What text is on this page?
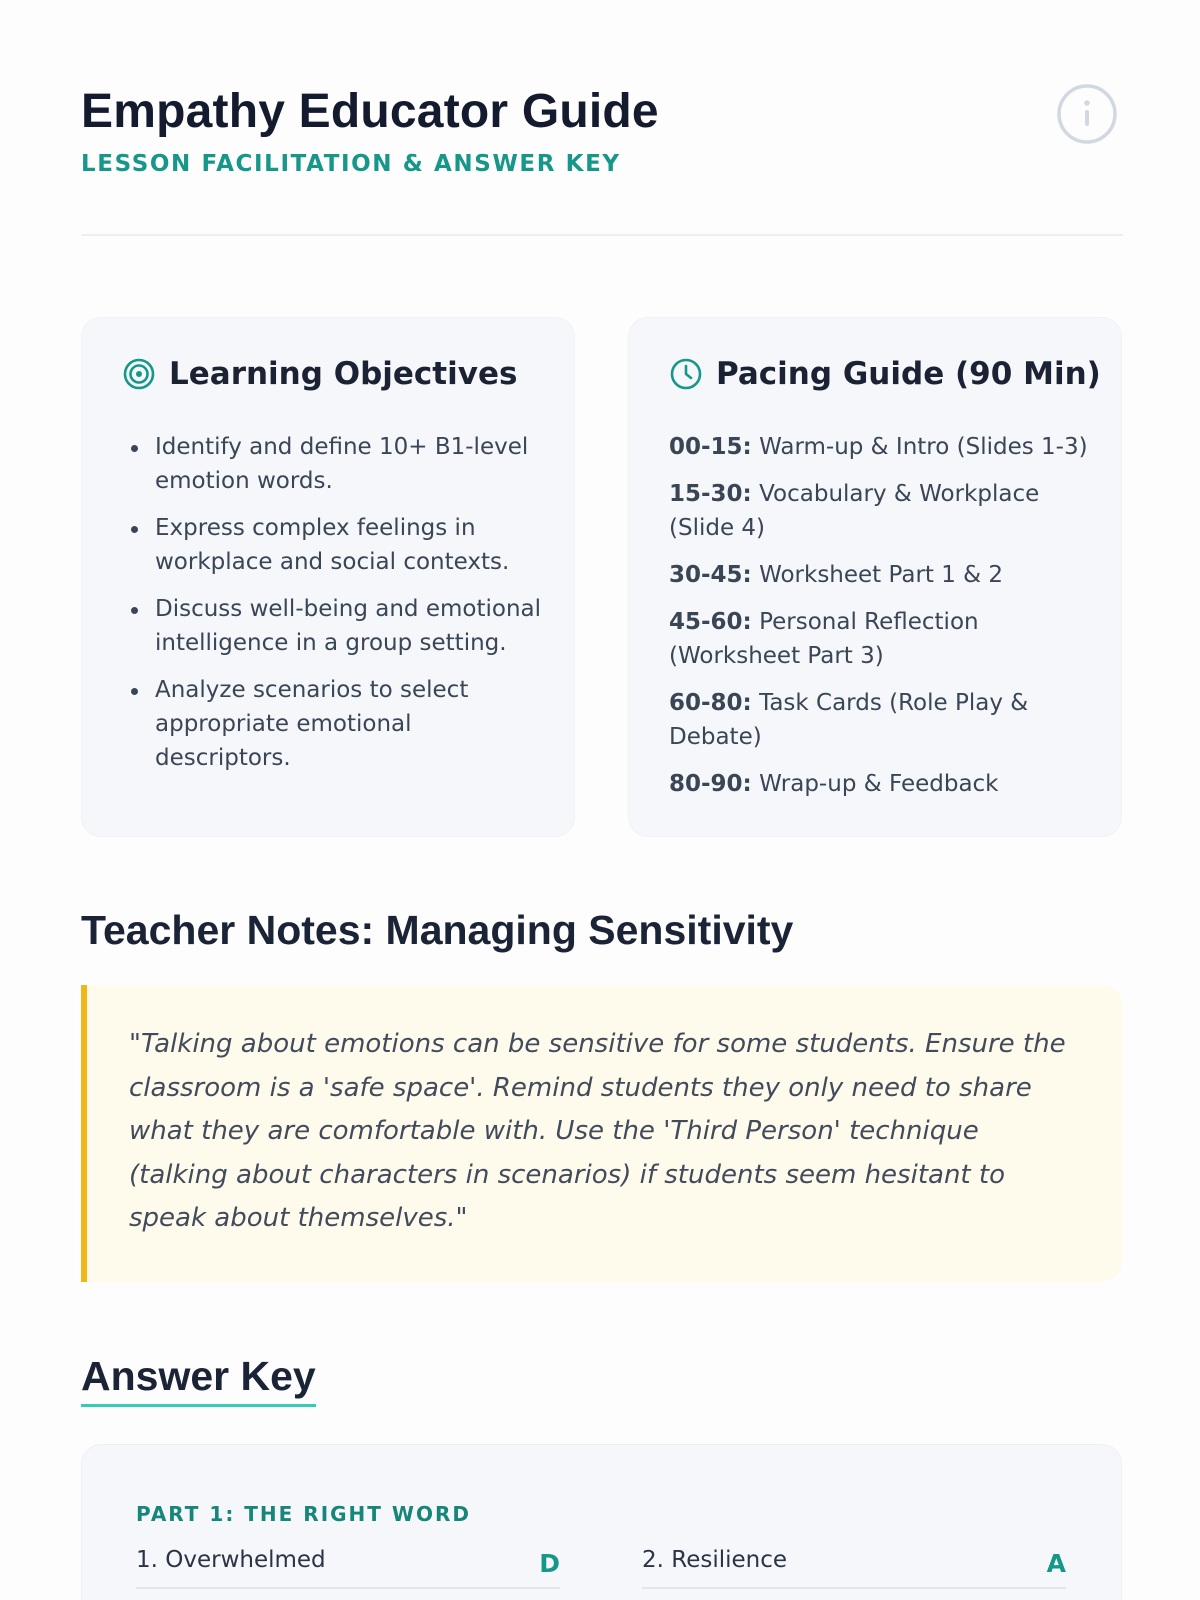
Empathy Educator Guide
LESSON FACILITATION & ANSWER KEY
Learning Objectives
Identify and define 10+ B1-level emotion words.
Express complex feelings in workplace and social contexts.
Discuss well-being and emotional intelligence in a group setting.
Analyze scenarios to select appropriate emotional descriptors.
Pacing Guide (90 Min)
00-15: Warm-up & Intro (Slides 1-3)
15-30: Vocabulary & Workplace (Slide 4)
30-45: Worksheet Part 1 & 2
45-60: Personal Reflection (Worksheet Part 3)
60-80: Task Cards (Role Play & Debate)
80-90: Wrap-up & Feedback
Teacher Notes: Managing Sensitivity

"Talking about emotions can be sensitive for some students. Ensure the classroom is a 'safe space'. Remind students they only need to share what they are comfortable with. Use the 'Third Person' technique (talking about characters in scenarios) if students seem hesitant to speak about themselves."

Answer Key
PART 1: THE RIGHT WORD
1. Overwhelmed	D	2. Resilience	A
